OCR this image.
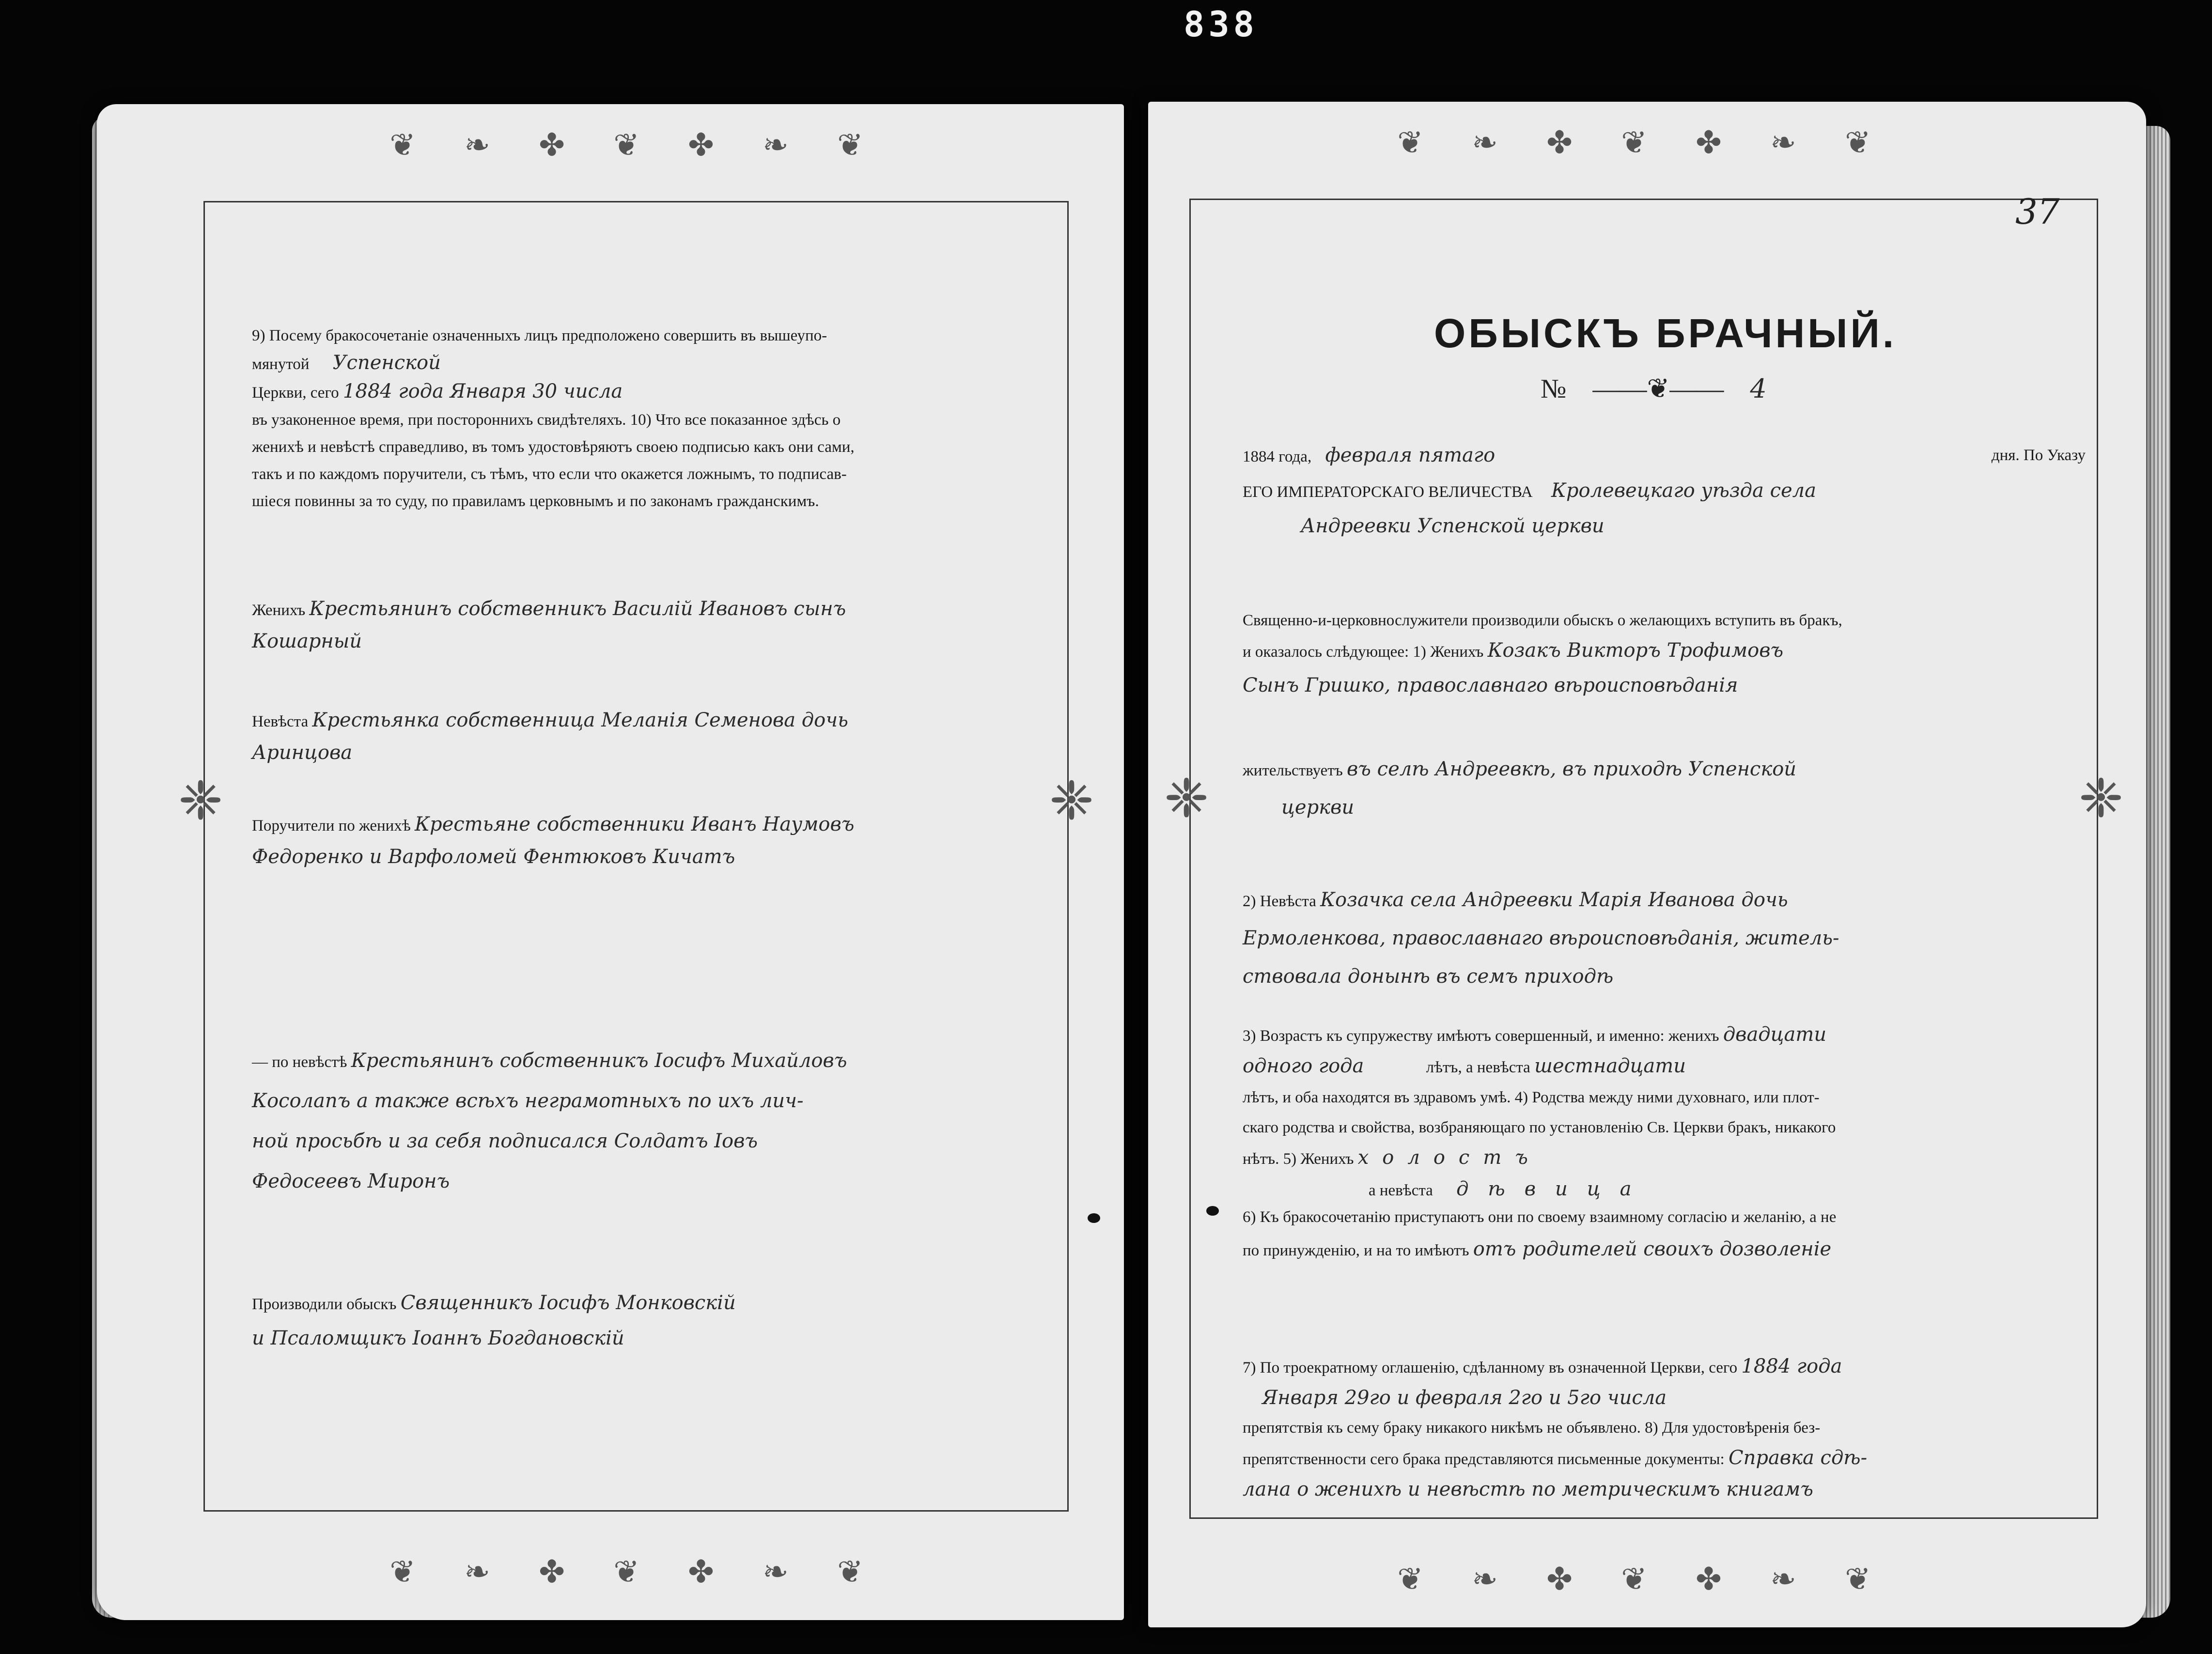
838
❦ ❧ ✤ ❦ ✤ ❧ ❦
❦ ❧ ✤ ❦ ✤ ❧ ❦
❈	❈
9) Посему бракосочетаніе означенныхъ лицъ предположено совершить въ вышеупо-
мянутой Успенской
Церкви, сего 1884 года Января 30 числа
въ узаконенное время, при постороннихъ свидѣтеляхъ. 10) Что все показанное здѣсь о
женихѣ и невѣстѣ справедливо, въ томъ удостовѣряютъ своею подписью какъ они сами,
такъ и по каждомъ поручители, съ тѣмъ, что если что окажется ложнымъ, то подписав-
шіеся повинны за то суду, по правиламъ церковнымъ и по законамъ гражданскимъ.
Женихъ Крестьянинъ собственникъ Василій Ивановъ сынъ
Кошарный
Невѣста Крестьянка собственница Меланія Семенова дочь
Аринцова
Поручители по женихѣ Крестьяне собственники Иванъ Наумовъ
Федоренко и Варфоломей Фентюковъ Кичатъ
— по невѣстѣ Крестьянинъ собственникъ Іосифъ Михайловъ
Косолапъ а также всѣхъ неграмотныхъ по ихъ лич-
ной просьбѣ и за себя подписался Солдатъ Іовъ
Федосеевъ Миронъ
Производили обыскъ Священникъ Іосифъ Монковскій
и Псаломщикъ Іоаннъ Богдановскій
❦ ❧ ✤ ❦ ✤ ❧ ❦
❦ ❧ ✤ ❦ ✤ ❧ ❦
❈	❈
37
ОБЫСКЪ БРАЧНЫЙ.
№ ——❦—— 4
1884 года, февраля пятаго	дня. По Указу

ЕГО ИМПЕРАТОРСКАГО ВЕЛИЧЕСТВА Кролевецкаго уѣзда села
Андреевки Успенской церкви
Священно-и-церковнослужители производили обыскъ о желающихъ вступить въ бракъ,
и оказалось слѣдующее: 1) Женихъ Козакъ Викторъ Трофимовъ
Сынъ Гришко, православнаго вѣроисповѣданія
жительствуетъ въ селѣ Андреевкѣ, въ приходѣ Успенской
церкви
2) Невѣста Козачка села Андреевки Марія Иванова дочь
Ермоленкова, православнаго вѣроисповѣданія, житель-
ствовала донынѣ въ семъ приходѣ
3) Возрастъ къ супружеству имѣютъ совершенный, и именно: женихъ двадцати
одного года	лѣтъ, а невѣста шестнадцати
лѣтъ, и оба находятся въ здравомъ умѣ. 4) Родства между ними духовнаго, или плот-
скаго родства и свойства, возбраняющаго по установленію Св. Церкви бракъ, никакого
нѣтъ. 5) Женихъ холостъ
а невѣста дѣвица
6) Къ бракосочетанію приступаютъ они по своему взаимному согласію и желанію, а не
по принужденію, и на то имѣютъ отъ родителей своихъ дозволеніе
7) По троекратному оглашенію, сдѣланному въ означенной Церкви, сего 1884 года
Января 29го и февраля 2го и 5го числа
препятствія къ сему браку никакого никѣмъ не объявлено. 8) Для удостовѣренія без-
препятственности сего брака представляются письменные документы: Справка сдѣ-
лана о женихѣ и невѣстѣ по метрическимъ книгамъ
